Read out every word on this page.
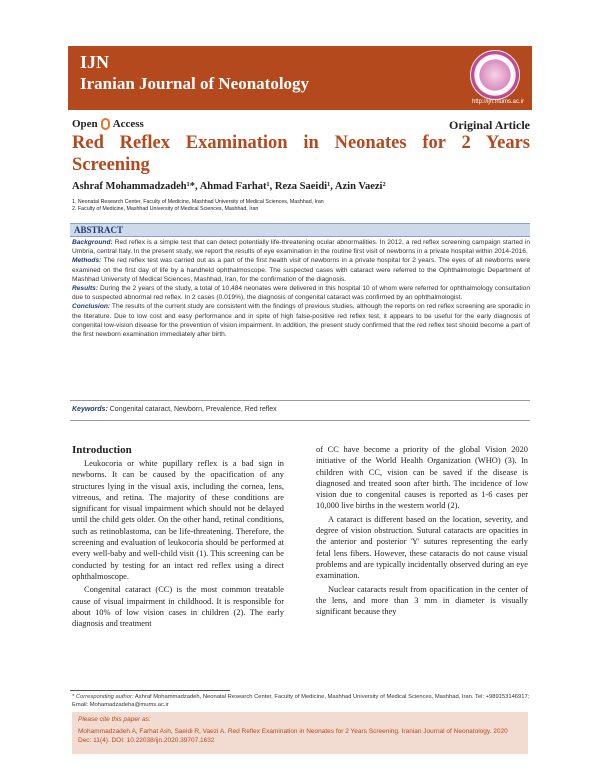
IJN
Iranian Journal of Neonatology
http://ijn.mums.ac.ir
Open Access	Original Article
Red Reflex Examination in Neonates for 2 Years Screening
Ashraf Mohammadzadeh¹*, Ahmad Farhat¹, Reza Saeidi¹, Azin Vaezi²
1. Neonatal Research Center, Faculty of Medicine, Mashhad University of Medical Sciences, Mashhad, Iran
2. Faculty of Medicine, Mashhad University of Medical Sciences, Mashhad, Iran
ABSTRACT

Background: Red reflex is a simple test that can detect potentially life-threatening ocular abnormalities. In 2012, a red reflex screening campaign started in Umbria, central Italy. In the present study, we report the results of eye examination in the routine first visit of newborns in a private hospital within 2014-2016.

Methods: The red reflex test was carried out as a part of the first health visit of newborns in a private hospital for 2 years. The eyes of all newborns were examined on the first day of life by a handheld ophthalmoscope. The suspected cases with cataract were referred to the Ophthalmologic Department of Mashhad University of Medical Sciences, Mashhad, Iran, for the confirmation of the diagnosis.

Results: During the 2 years of the study, a total of 10,484 neonates were delivered in this hospital 10 of whom were referred for ophthalmology consultation due to suspected abnormal red reflex. In 2 cases (0.019%), the diagnosis of congenital cataract was confirmed by an ophthalmologist.

Conclusion: The results of the current study are consistent with the findings of previous studies, although the reports on red reflex screening are sporadic in the literature. Due to low cost and easy performance and in spite of high false-positive red reflex test, it appears to be useful for the early diagnosis of congenital low-vision disease for the prevention of vision impairment. In addition, the present study confirmed that the red reflex test should become a part of the first newborn examination immediately after birth.

Keywords: Congenital cataract, Newborn, Prevalence, Red reflex
Introduction

Leukocoria or white pupillary reflex is a bad sign in newborns. It can be caused by the opacification of any structures lying in the visual axis, including the cornea, lens, vitreous, and retina. The majority of these conditions are significant for visual impairment which should not be delayed until the child gets older. On the other hand, retinal conditions, such as retinoblastoma, can be life-threatening. Therefore, the screening and evaluation of leukocoria should be performed at every well-baby and well-child visit (1). This screening can be conducted by testing for an intact red reflex using a direct ophthalmoscope.

Congenital cataract (CC) is the most common treatable cause of visual impairment in childhood. It is responsible for about 10% of low vision cases in children (2). The early diagnosis and treatment

of CC have become a priority of the global Vision 2020 initiative of the World Health Organization (WHO) (3). In children with CC, vision can be saved if the disease is diagnosed and treated soon after birth. The incidence of low vision due to congenital causes is reported as 1-6 cases per 10,000 live births in the western world (2).

A cataract is different based on the location, severity, and degree of vision obstruction. Sutural cataracts are opacities in the anterior and posterior 'Y' sutures representing the early fetal lens fibers. However, these cataracts do not cause visual problems and are typically incidentally observed during an eye examination.

Nuclear cataracts result from opacification in the center of the lens, and more than 3 mm in diameter is visually significant because they

* Corresponding author: Ashraf Mohammadzadeh, Neonatal Research Center, Faculty of Medicine, Mashhad University of Medical Sciences, Mashhad, Iran. Tel: +989153146917; Email: Mohamadzadeha@mums.ac.ir
Please cite this paper as:
Mohammadzadeh A, Farhat Ash, Saeidi R, Vaezi A. Red Reflex Examination in Neonates for 2 Years Screening. Iranian Journal of Neonatology. 2020 Dec: 11(4). DOI: 10.22038/ijn.2020.39707.1632
